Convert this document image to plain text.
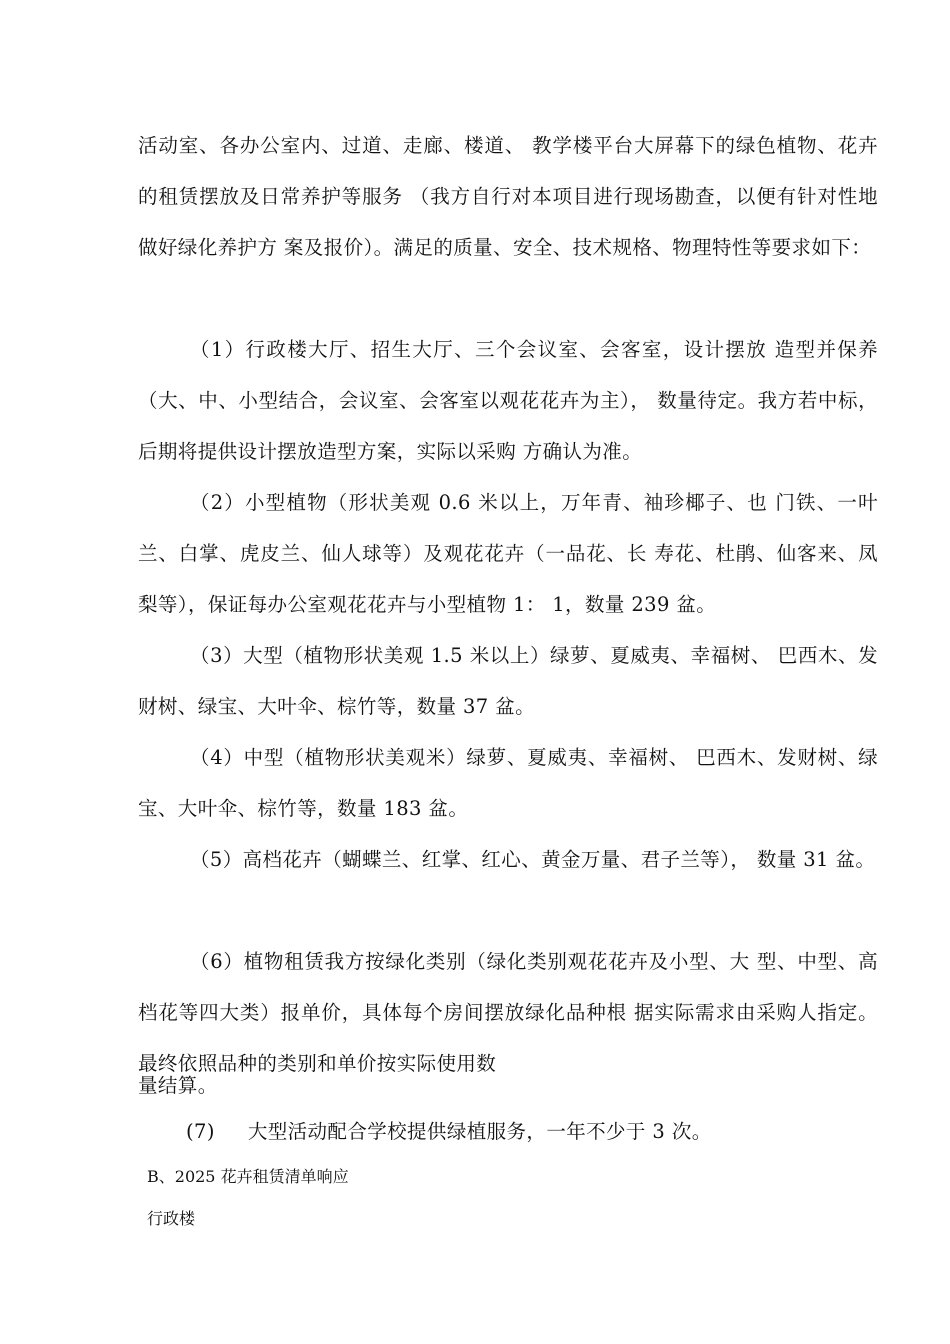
活动室、各办公室内、过道、走廊、楼道、 教学楼平台大屏幕下的绿色植物、花卉的租赁摆放及日常养护等服务 （我方自行对本项目进行现场勘查，以便有针对性地做好绿化养护方 案及报价）。满足的质量、安全、技术规格、物理特性等要求如下：

（1）行政楼大厅、招生大厅、三个会议室、会客室，设计摆放 造型并保养（大、中、小型结合，会议室、会客室以观花花卉为主）， 数量待定。我方若中标，后期将提供设计摆放造型方案，实际以采购 方确认为准。

（2）小型植物（形状美观 0.6 米以上，万年青、袖珍椰子、也 门铁、一叶兰、白掌、虎皮兰、仙人球等）及观花花卉（一品花、长 寿花、杜鹃、仙客来、凤梨等），保证每办公室观花花卉与小型植物 1： 1，数量 239 盆。

（3）大型（植物形状美观 1.5 米以上）绿萝、夏威夷、幸福树、 巴西木、发财树、绿宝、大叶伞、棕竹等，数量 37 盆。

（4）中型（植物形状美观米）绿萝、夏威夷、幸福树、 巴西木、发财树、绿宝、大叶伞、棕竹等，数量 183 盆。

（5）高档花卉（蝴蝶兰、红掌、红心、黄金万量、君子兰等）， 数量 31 盆。

（6）植物租赁我方按绿化类别（绿化类别观花花卉及小型、大 型、中型、高档花等四大类）报单价，具体每个房间摆放绿化品种根 据实际需求由采购人指定。最终依照品种的类别和单价按实际使用数

量结算。

(7)     大型活动配合学校提供绿植服务，一年不少于 3 次。

B、2025 花卉租赁清单响应

行政楼
